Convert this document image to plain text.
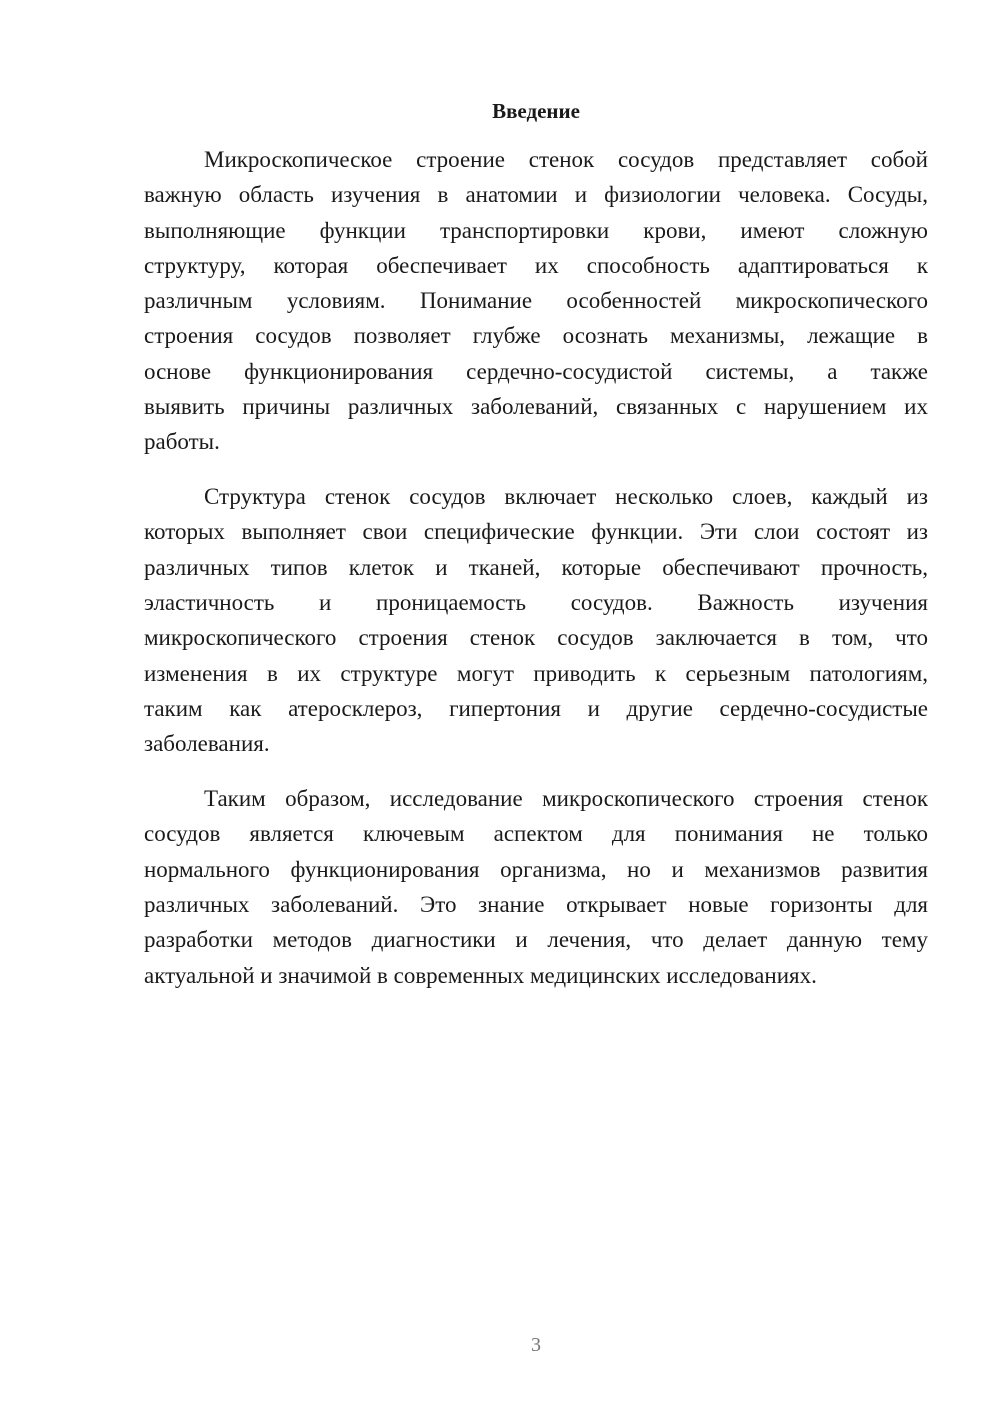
Введение
Микроскопическое строение стенок сосудов представляет собой
важную область изучения в анатомии и физиологии человека. Сосуды,
выполняющие функции транспортировки крови, имеют сложную
структуру, которая обеспечивает их способность адаптироваться к
различным условиям. Понимание особенностей микроскопического
строения сосудов позволяет глубже осознать механизмы, лежащие в
основе функционирования сердечно-сосудистой системы, а также
выявить причины различных заболеваний, связанных с нарушением их
работы.
Структура стенок сосудов включает несколько слоев, каждый из
которых выполняет свои специфические функции. Эти слои состоят из
различных типов клеток и тканей, которые обеспечивают прочность,
эластичность и проницаемость сосудов. Важность изучения
микроскопического строения стенок сосудов заключается в том, что
изменения в их структуре могут приводить к серьезным патологиям,
таким как атеросклероз, гипертония и другие сердечно-сосудистые
заболевания.
Таким образом, исследование микроскопического строения стенок
сосудов является ключевым аспектом для понимания не только
нормального функционирования организма, но и механизмов развития
различных заболеваний. Это знание открывает новые горизонты для
разработки методов диагностики и лечения, что делает данную тему
актуальной и значимой в современных медицинских исследованиях.
3
